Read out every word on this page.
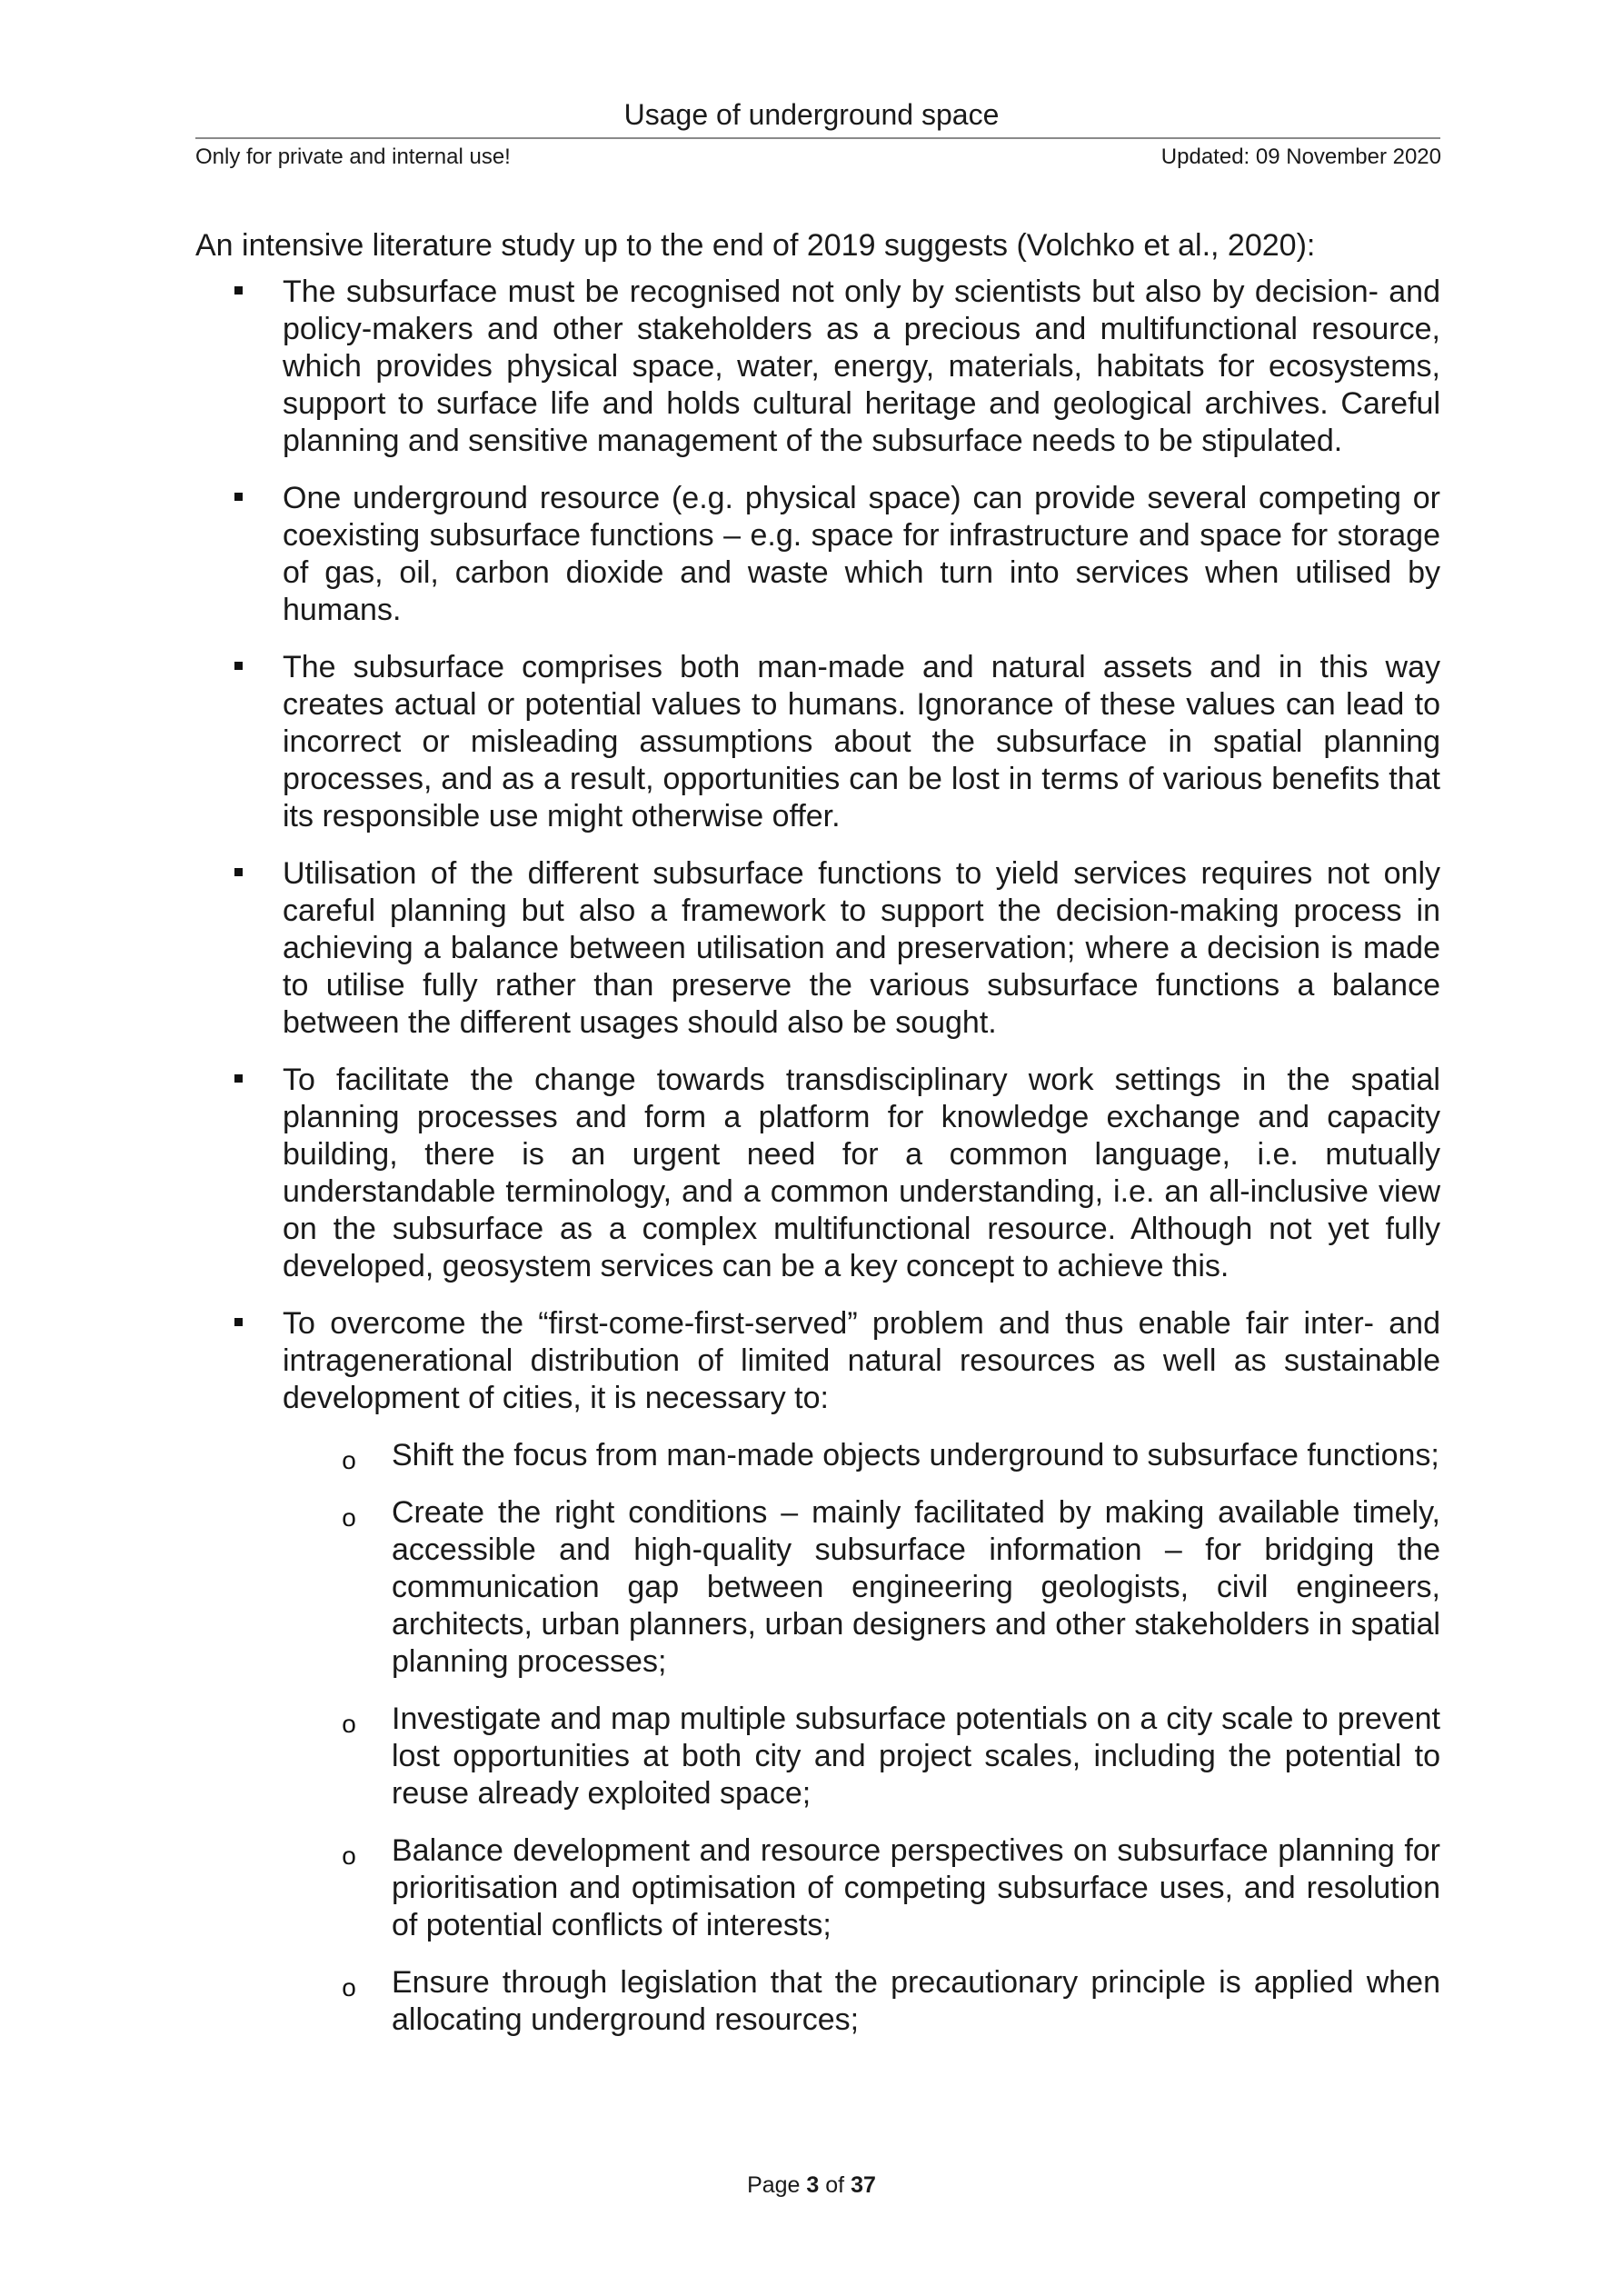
Usage of underground space
Only for private and internal use!	Updated: 09 November 2020

An intensive literature study up to the end of 2019 suggests (Volchko et al., 2020):

The subsurface must be recognised not only by scientists but also by decision- and policy-makers and other stakeholders as a precious and multifunctional resource, which provides physical space, water, energy, materials, habitats for ecosystems, support to surface life and holds cultural heritage and geological archives. Careful planning and sensitive management of the subsurface needs to be stipulated.
One underground resource (e.g. physical space) can provide several competing or coexisting subsurface functions – e.g. space for infrastructure and space for storage of gas, oil, carbon dioxide and waste which turn into services when utilised by humans.
The subsurface comprises both man-made and natural assets and in this way creates actual or potential values to humans. Ignorance of these values can lead to incorrect or misleading assumptions about the subsurface in spatial planning processes, and as a result, opportunities can be lost in terms of various benefits that its responsible use might otherwise offer.
Utilisation of the different subsurface functions to yield services requires not only careful planning but also a framework to support the decision-making process in achieving a balance between utilisation and preservation; where a decision is made to utilise fully rather than preserve the various subsurface functions a balance between the different usages should also be sought.
To facilitate the change towards transdisciplinary work settings in the spatial planning processes and form a platform for knowledge exchange and capacity building, there is an urgent need for a common language, i.e. mutually understandable terminology, and a common understanding, i.e. an all-inclusive view on the subsurface as a complex multifunctional resource. Although not yet fully developed, geosystem services can be a key concept to achieve this.
To overcome the “first-come-first-served” problem and thus enable fair inter- and intragenerational distribution of limited natural resources as well as sustainable development of cities, it is necessary to:
o Shift the focus from man-made objects underground to subsurface functions;
o Create the right conditions – mainly facilitated by making available timely, accessible and high-quality subsurface information – for bridging the communication gap between engineering geologists, civil engineers, architects, urban planners, urban designers and other stakeholders in spatial planning processes;
o Investigate and map multiple subsurface potentials on a city scale to prevent lost opportunities at both city and project scales, including the potential to reuse already exploited space;
o Balance development and resource perspectives on subsurface planning for prioritisation and optimisation of competing subsurface uses, and resolution of potential conflicts of interests;
o Ensure through legislation that the precautionary principle is applied when allocating underground resources;
Page 3 of 37
